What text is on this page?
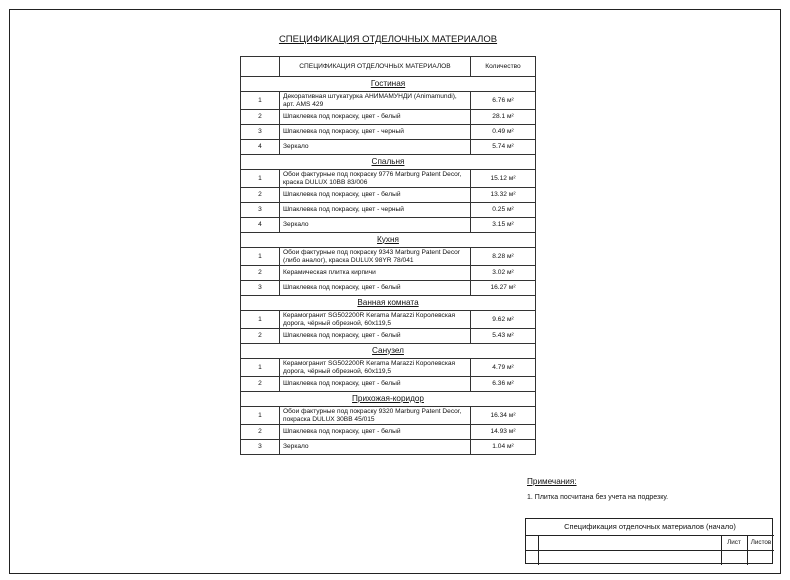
СПЕЦИФИКАЦИЯ ОТДЕЛОЧНЫХ МАТЕРИАЛОВ
	СПЕЦИФИКАЦИЯ ОТДЕЛОЧНЫХ МАТЕРИАЛОВ	Количество
Гостиная		
1	Декоративная штукатурка АНИМАМУНДИ (Animamundi), арт. AMS 429	6.76 м²
2	Шпаклевка под покраску, цвет - белый	28.1 м²
3	Шпаклевка под покраску, цвет - черный	0.49 м²
4	Зеркало	5.74 м²
Спальня		
1	Обои фактурные под покраску 9776 Marburg Patent Decor, краска DULUX 10BB 83/006	15.12 м²
2	Шпаклевка под покраску, цвет - белый	13.32 м²
3	Шпаклевка под покраску, цвет - черный	0.25 м²
4	Зеркало	3.15 м²
Кухня		
1	Обои фактурные под покраску 9343 Marburg Patent Decor (либо аналог), краска DULUX 98YR 78/041	8.28 м²
2	Керамическая плитка кирпичи	3.02 м²
3	Шпаклевка под покраску, цвет - белый	16.27 м²
Ванная комната		
1	Керамогранит SG502200R Kerama Marazzi Королевская дорога, чёрный обрезной, 60х119,5	9.62 м²
2	Шпаклевка под покраску, цвет - белый	5.43 м²
Санузел		
1	Керамогранит SG502200R Kerama Marazzi Королевская дорога, чёрный обрезной, 60х119,5	4.79 м²
2	Шпаклевка под покраску, цвет - белый	6.36 м²
Прихожая-коридор		
1	Обои фактурные под покраску 9320 Marburg Patent Decor, покраска DULUX 30BB 45/015	16.34 м²
2	Шпаклевка под покраску, цвет - белый	14.93 м²
3	Зеркало	1.04 м²
Примечания:
1. Плитка посчитана без учета на подрезку.
Спецификация отделочных материалов (начало)
Лист	Листов
